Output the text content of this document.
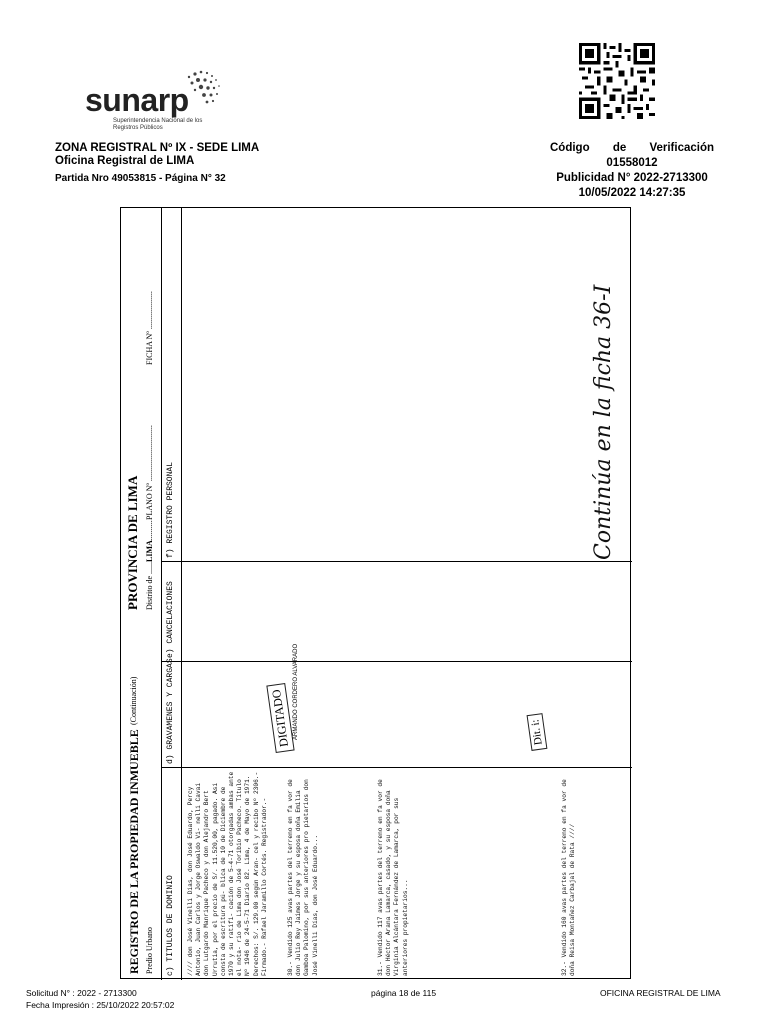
sunarp
Superintendencia Nacional de los Registros Públicos
ZONA REGISTRAL Nº IX - SEDE LIMA
Oficina Registral de LIMA
Partida Nro 49053815 - Página N° 32
Código de Verificación
01558012
Publicidad N° 2022-2713300
10/05/2022 14:27:35
REGISTRO DE LA PROPIEDAD INMUEBLE
(Continuación)
PROVINCIA DE LIMA
Predio Urbano
Distrito de ......LIMA..........
PLANO Nº ............................
FICHA Nº ...................
c) TITULOS DE DOMINIO
d) GRAVAMENES Y CARGAS
e) CANCELACIONES
f) REGISTRO PERSONAL
//// don José Vinelli Días, don José Eduardo, Percy Antonio, Juan Carlos y Jorge Oswaldo Vi- nelli Cavai don Lutgardo Manrique Pacheco y don Alejandro Bert Urrutia, por el precio de S/. 11.520,00, pagado. Así consta de escritura pú- blica de 10 de Diciembre de 1970 y su ratifi- cación de 5-4-71 otorgadas ambas ante el nota- rio de Lima don José Toribio Pacheco. Título Nº 1946 de 24-5-71 Diario 82. Lima, 4 de Mayo de 1971. Derechos: S/. 129.00 según Aran- cel y recibo Nº 2306.- Firmado.- Rafael Jaramillo Cortés. Registrador.-	30.- Vendido 125 avas partes del terreno en fa vor de don Julio Rey Jaimes Jorge y su esposa doña Emilia Gamboa Palomino, por sus anteriores pro pietarios don José Vinelli Días, don José Eduardo...	31.- Vendido 117 avas partes del terreno en fa vor de don Héctor Arana Lamarca, casado, y su esposa doña Virginia Alcántara Fernández de Lamarca, por sus anteriores propietarios...	32.- Vendido 160 avas partes del terreno en fa vor de doña Reisa Montañez Carbajal de Rata ////
DIGITADO ARMANDO CORDERO ALVARADO	Dit. i:
Continúa en la ficha 36-I
Solicitud N° : 2022 - 2713300
Fecha Impresión : 25/10/2022 20:57:02
página 18 de 115	OFICINA REGISTRAL DE LIMA
